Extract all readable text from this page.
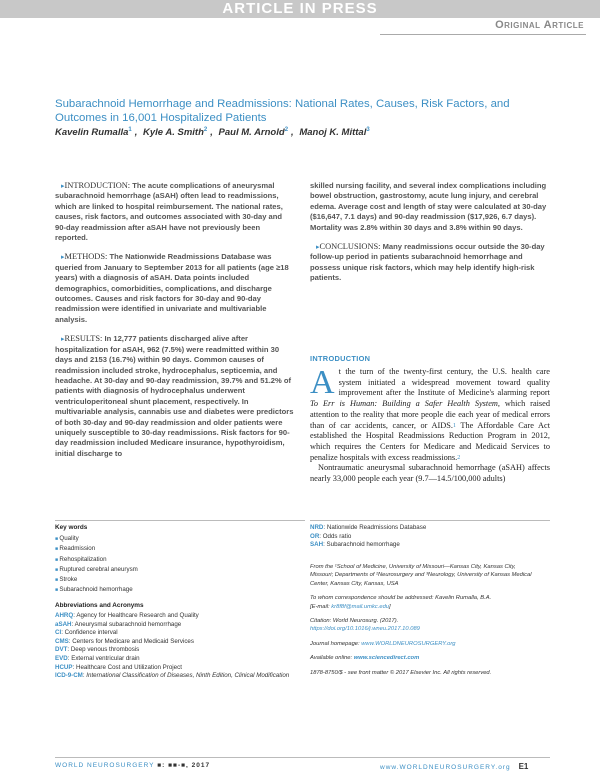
ARTICLE IN PRESS
Original Article
Subarachnoid Hemorrhage and Readmissions: National Rates, Causes, Risk Factors, and Outcomes in 16,001 Hospitalized Patients
Kavelin Rumalla$^1$ , Kyle A. Smith$^2$ , Paul M. Arnold$^2$ , Manoj K. Mittal$^3$

▸ INTRODUCTION: The acute complications of aneurysmal subarachnoid hemorrhage (aSAH) often lead to readmissions, which are linked to hospital reimbursement. The national rates, causes, risk factors, and outcomes associated with 30-day and 90-day readmission after aSAH have not previously been reported.

▸ METHODS: The Nationwide Readmissions Database was queried from January to September 2013 for all patients (age ≥18 years) with a diagnosis of aSAH. Data points included demographics, comorbidities, complications, and discharge outcomes. Causes and risk factors for 30-day and 90-day readmission were identified in univariate and multivariable analysis.

▸ RESULTS: In 12,777 patients discharged alive after hospitalization for aSAH, 962 (7.5%) were readmitted within 30 days and 2153 (16.7%) within 90 days. Common causes of readmission included stroke, hydrocephalus, septicemia, and headache. At 30-day and 90-day readmission, 39.7% and 51.2% of patients with diagnosis of hydrocephalus underwent ventriculoperitoneal shunt placement, respectively. In multivariable analysis, cannabis use and diabetes were predictors of both 30-day and 90-day readmission and older patients were uniquely susceptible to 30-day readmissions. Risk factors for 90-day readmission included Medicare insurance, hypothyroidism, initial discharge to

skilled nursing facility, and several index complications including bowel obstruction, gastrostomy, acute lung injury, and cerebral edema. Average cost and length of stay were calculated at 30-day ($16,647, 7.1 days) and 90-day readmission ($17,926, 6.7 days). Mortality was 2.8% within 30 days and 3.8% within 90 days.

▸ CONCLUSIONS: Many readmissions occur outside the 30-day follow-up period in patients subarachnoid hemorrhage and possess unique risk factors, which may help identify high-risk patients.

INTRODUCTION

At the turn of the twenty-first century, the U.S. health care system initiated a widespread movement toward quality improvement after the Institute of Medicine's alarming report To Err is Human: Building a Safer Health System, which raised attention to the reality that more people die each year of medical errors than of car accidents, cancer, or AIDS.$^1$ The Affordable Care Act established the Hospital Readmissions Reduction Program in 2012, which requires the Centers for Medicare and Medicaid Services to penalize hospitals with excess readmissions.$^2$

Nontraumatic aneurysmal subarachnoid hemorrhage (aSAH) affects nearly 33,000 people each year (9.7—14.5/100,000 adults)

Key words
■ Quality
■ Readmission
■ Rehospitalization
■ Ruptured cerebral aneurysm
■ Stroke
■ Subarachnoid hemorrhage
Abbreviations and Acronyms
AHRQ: Agency for Healthcare Research and Quality
aSAH: Aneurysmal subarachnoid hemorrhage
CI: Confidence interval
CMS: Centers for Medicare and Medicaid Services
DVT: Deep venous thrombosis
EVD: External ventricular drain
HCUP: Healthcare Cost and Utilization Project
ICD-9-CM: International Classification of Diseases, Ninth Edition, Clinical Modification
NRD: Nationwide Readmissions Database
OR: Odds ratio
SAH: Subarachnoid hemorrhage

From the ¹School of Medicine, University of Missouri—Kansas City, Kansas City, Missouri; Departments of ²Neurosurgery and ³Neurology, University of Kansas Medical Center, Kansas City, Kansas, USA

To whom correspondence should be addressed: Kavelin Rumalla, B.A.
[E-mail: kr8f8f@mail.umkc.edu]

Citation: World Neurosurg. (2017).
https://doi.org/10.1016/j.wneu.2017.10.089

Journal homepage: www.WORLDNEUROSURGERY.org

Available online: www.sciencedirect.com

1878-8750/$ - see front matter © 2017 Elsevier Inc. All rights reserved.

WORLD NEUROSURGERY ■: ■■-■, 2017	www.WORLDNEUROSURGERY.org E1
